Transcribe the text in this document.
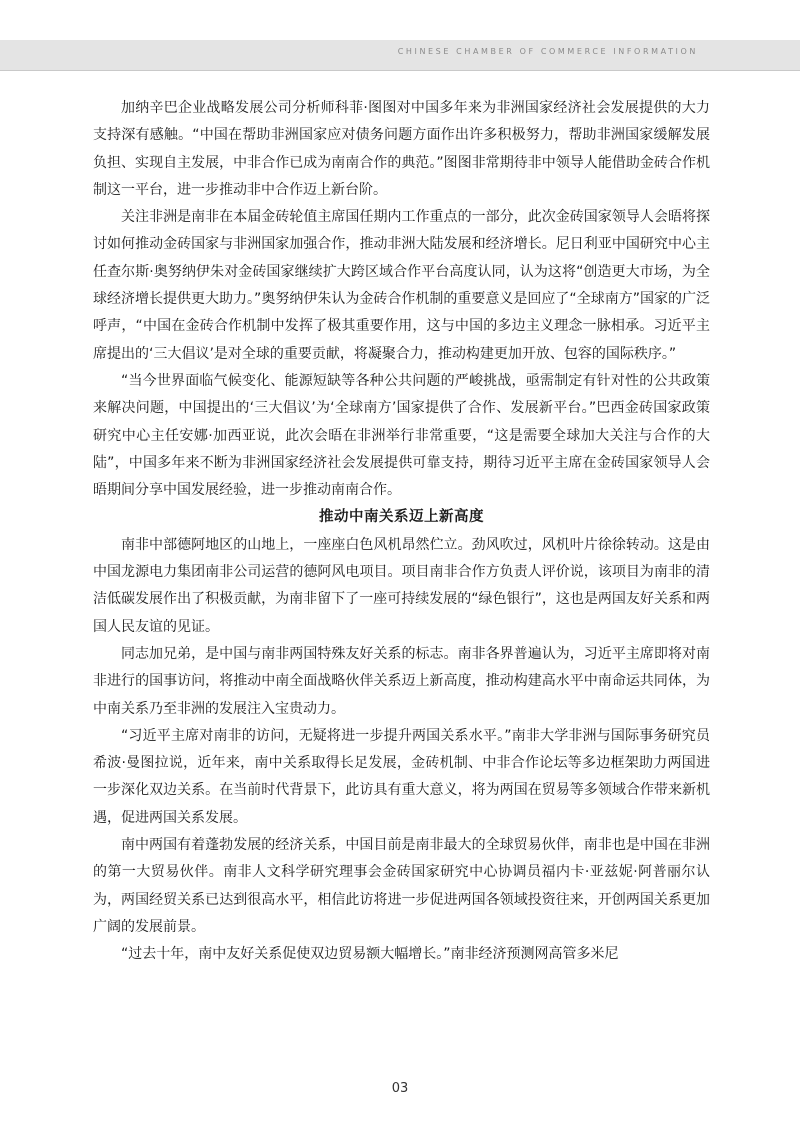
CHINESE CHAMBER OF COMMERCE INFORMATION

加纳辛巴企业战略发展公司分析师科菲·图图对中国多年来为非洲国家经济社会发展提供的大力支持深有感触。“中国在帮助非洲国家应对债务问题方面作出许多积极努力，帮助非洲国家缓解发展负担、实现自主发展，中非合作已成为南南合作的典范。”图图非常期待非中领导人能借助金砖合作机制这一平台，进一步推动非中合作迈上新台阶。

关注非洲是南非在本届金砖轮值主席国任期内工作重点的一部分，此次金砖国家领导人会晤将探讨如何推动金砖国家与非洲国家加强合作，推动非洲大陆发展和经济增长。尼日利亚中国研究中心主任查尔斯·奥努纳伊朱对金砖国家继续扩大跨区域合作平台高度认同，认为这将“创造更大市场，为全球经济增长提供更大助力。”奥努纳伊朱认为金砖合作机制的重要意义是回应了“全球南方”国家的广泛呼声，“中国在金砖合作机制中发挥了极其重要作用，这与中国的多边主义理念一脉相承。习近平主席提出的‘三大倡议’是对全球的重要贡献，将凝聚合力，推动构建更加开放、包容的国际秩序。”

“当今世界面临气候变化、能源短缺等各种公共问题的严峻挑战，亟需制定有针对性的公共政策来解决问题，中国提出的‘三大倡议’为‘全球南方’国家提供了合作、发展新平台。”巴西金砖国家政策研究中心主任安娜·加西亚说，此次会晤在非洲举行非常重要，“这是需要全球加大关注与合作的大陆”，中国多年来不断为非洲国家经济社会发展提供可靠支持，期待习近平主席在金砖国家领导人会晤期间分享中国发展经验，进一步推动南南合作。

推动中南关系迈上新高度

南非中部德阿地区的山地上，一座座白色风机昂然伫立。劲风吹过，风机叶片徐徐转动。这是由中国龙源电力集团南非公司运营的德阿风电项目。项目南非合作方负责人评价说，该项目为南非的清洁低碳发展作出了积极贡献，为南非留下了一座可持续发展的“绿色银行”，这也是两国友好关系和两国人民友谊的见证。

同志加兄弟，是中国与南非两国特殊友好关系的标志。南非各界普遍认为，习近平主席即将对南非进行的国事访问，将推动中南全面战略伙伴关系迈上新高度，推动构建高水平中南命运共同体，为中南关系乃至非洲的发展注入宝贵动力。

“习近平主席对南非的访问，无疑将进一步提升两国关系水平。”南非大学非洲与国际事务研究员希波·曼图拉说，近年来，南中关系取得长足发展，金砖机制、中非合作论坛等多边框架助力两国进一步深化双边关系。在当前时代背景下，此访具有重大意义，将为两国在贸易等多领域合作带来新机遇，促进两国关系发展。

南中两国有着蓬勃发展的经济关系，中国目前是南非最大的全球贸易伙伴，南非也是中国在非洲的第一大贸易伙伴。南非人文科学研究理事会金砖国家研究中心协调员福内卡·亚兹妮·阿普丽尔认为，两国经贸关系已达到很高水平，相信此访将进一步促进两国各领域投资往来，开创两国关系更加广阔的发展前景。

“过去十年，南中友好关系促使双边贸易额大幅增长。”南非经济预测网高管多米尼

03
